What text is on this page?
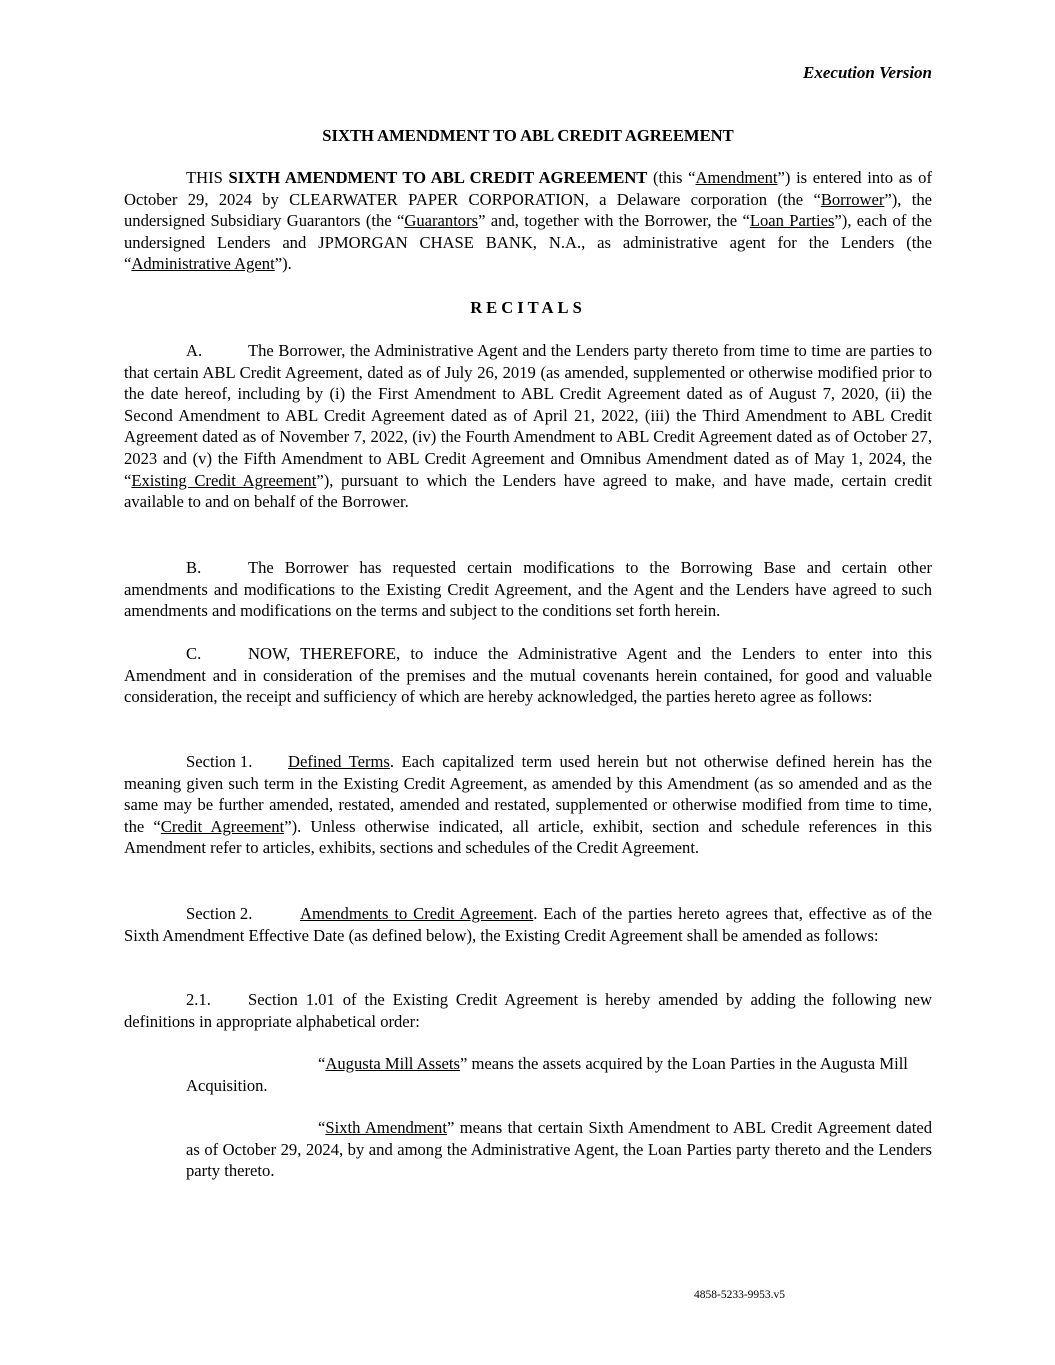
Execution Version
SIXTH AMENDMENT TO ABL CREDIT AGREEMENT

THIS SIXTH AMENDMENT TO ABL CREDIT AGREEMENT (this “Amendment”) is entered into as of October 29, 2024 by CLEARWATER PAPER CORPORATION, a Delaware corporation (the “Borrower”), the undersigned Subsidiary Guarantors (the “Guarantors” and, together with the Borrower, the “Loan Parties”), each of the undersigned Lenders and JPMORGAN CHASE BANK, N.A., as administrative agent for the Lenders (the “Administrative Agent”).

RECITALS

A.	The Borrower, the Administrative Agent and the Lenders party thereto from time to time are parties to that certain ABL Credit Agreement, dated as of July 26, 2019 (as amended, supplemented or otherwise modified prior to the date hereof, including by (i) the First Amendment to ABL Credit Agreement dated as of August 7, 2020, (ii) the Second Amendment to ABL Credit Agreement dated as of April 21, 2022, (iii) the Third Amendment to ABL Credit Agreement dated as of November 7, 2022, (iv) the Fourth Amendment to ABL Credit Agreement dated as of October 27, 2023 and (v) the Fifth Amendment to ABL Credit Agreement and Omnibus Amendment dated as of May 1, 2024, the “Existing Credit Agreement”), pursuant to which the Lenders have agreed to make, and have made, certain credit available to and on behalf of the Borrower.

B.	The Borrower has requested certain modifications to the Borrowing Base and certain other amendments and modifications to the Existing Credit Agreement, and the Agent and the Lenders have agreed to such amendments and modifications on the terms and subject to the conditions set forth herein.

C.	NOW, THEREFORE, to induce the Administrative Agent and the Lenders to enter into this Amendment and in consideration of the premises and the mutual covenants herein contained, for good and valuable consideration, the receipt and sufficiency of which are hereby acknowledged, the parties hereto agree as follows:

Section 1. Defined Terms. Each capitalized term used herein but not otherwise defined herein has the meaning given such term in the Existing Credit Agreement, as amended by this Amendment (as so amended and as the same may be further amended, restated, amended and restated, supplemented or otherwise modified from time to time, the “Credit Agreement”). Unless otherwise indicated, all article, exhibit, section and schedule references in this Amendment refer to articles, exhibits, sections and schedules of the Credit Agreement.

Section 2.	Amendments to Credit Agreement. Each of the parties hereto agrees that, effective as of the Sixth Amendment Effective Date (as defined below), the Existing Credit Agreement shall be amended as follows:

2.1. Section 1.01 of the Existing Credit Agreement is hereby amended by adding the following new definitions in appropriate alphabetical order:

“Augusta Mill Assets” means the assets acquired by the Loan Parties in the Augusta Mill Acquisition.

“Sixth Amendment” means that certain Sixth Amendment to ABL Credit Agreement dated as of October 29, 2024, by and among the Administrative Agent, the Loan Parties party thereto and the Lenders party thereto.

4858-5233-9953.v5
